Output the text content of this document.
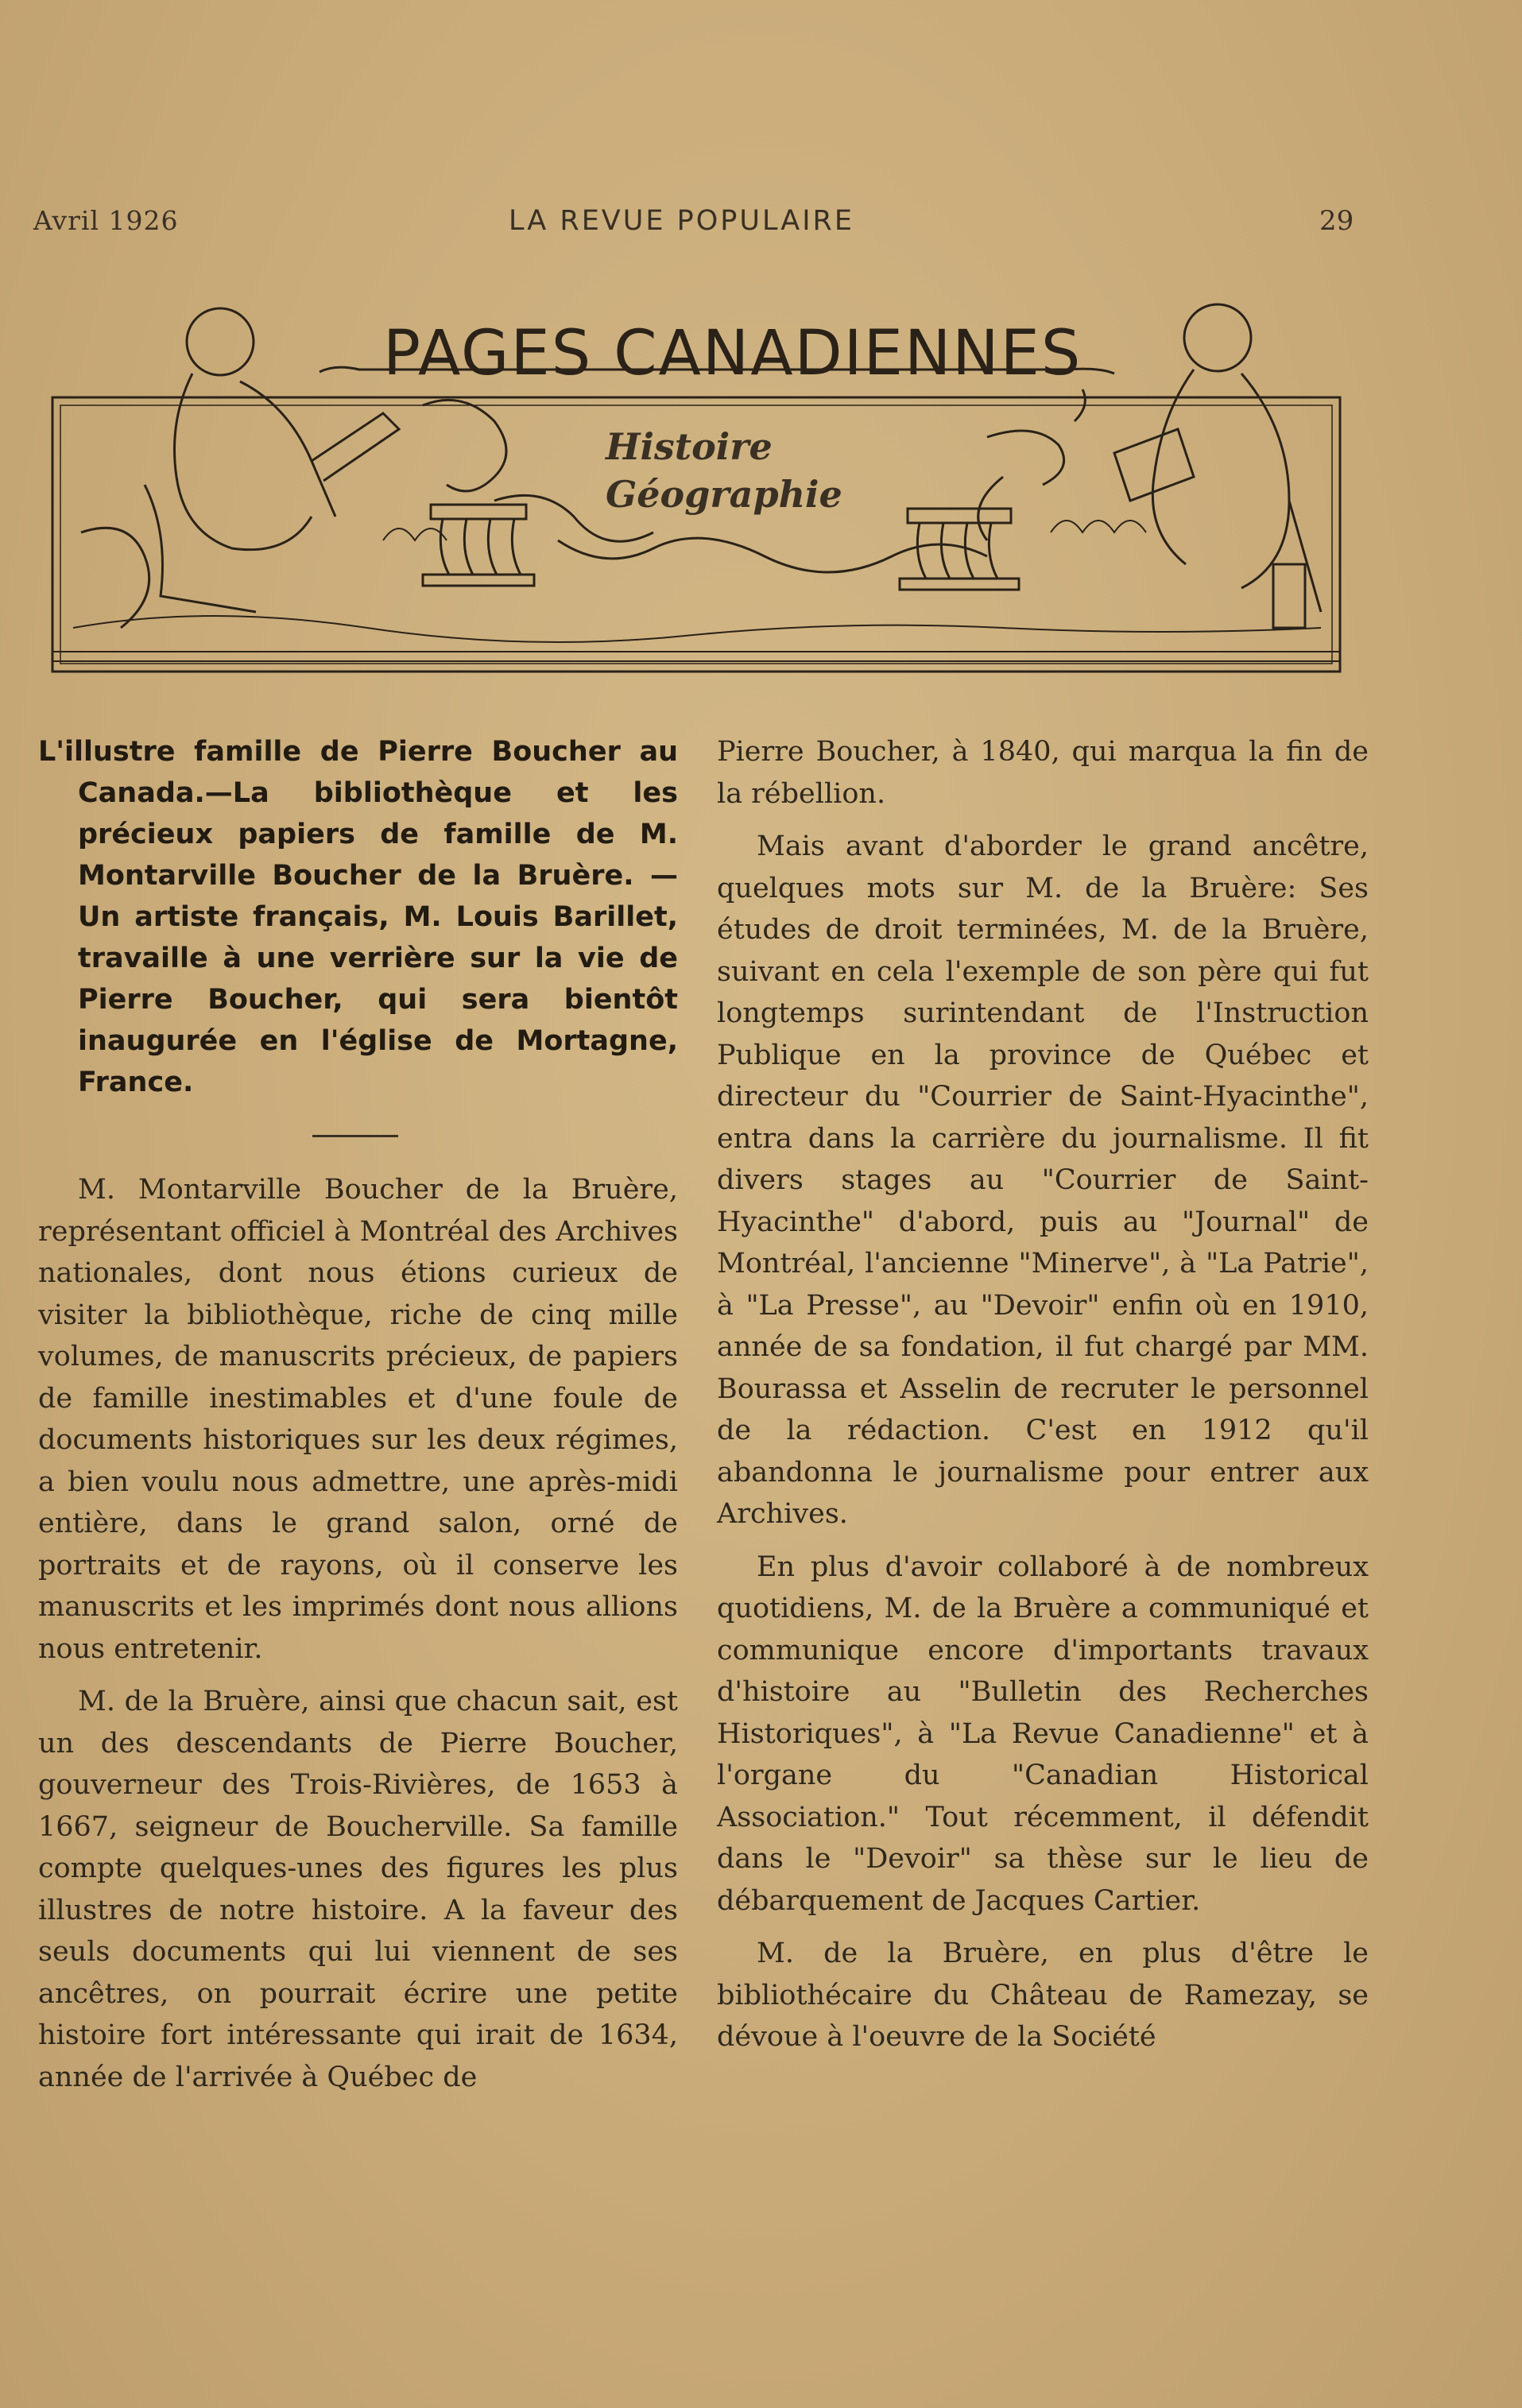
Avril 1926	LA REVUE POPULAIRE	29
PAGES CANADIENNES
Histoire
Géographie

L'illustre famille de Pierre Boucher au Canada.—La bibliothèque et les précieux papiers de famille de M. Montarville Boucher de la Bruère. —Un artiste français, M. Louis Barillet, travaille à une verrière sur la vie de Pierre Boucher, qui sera bientôt inaugurée en l'église de Mortagne, France.

M. Montarville Boucher de la Bruère, représentant officiel à Montréal des Archives nationales, dont nous étions curieux de visiter la bibliothèque, riche de cinq mille volumes, de manuscrits précieux, de papiers de famille inestimables et d'une foule de documents historiques sur les deux régimes, a bien voulu nous admettre, une après-midi entière, dans le grand salon, orné de portraits et de rayons, où il conserve les manuscrits et les imprimés dont nous allions nous entretenir.

M. de la Bruère, ainsi que chacun sait, est un des descendants de Pierre Boucher, gouverneur des Trois-Rivières, de 1653 à 1667, seigneur de Boucherville. Sa famille compte quelques-unes des figures les plus illustres de notre histoire. A la faveur des seuls documents qui lui viennent de ses ancêtres, on pourrait écrire une petite histoire fort intéressante qui irait de 1634, année de l'arrivée à Québec de

Pierre Boucher, à 1840, qui marqua la fin de la rébellion.

Mais avant d'aborder le grand ancêtre, quelques mots sur M. de la Bruère: Ses études de droit terminées, M. de la Bruère, suivant en cela l'exemple de son père qui fut longtemps surintendant de l'Instruction Publique en la province de Québec et directeur du "Courrier de Saint-Hyacinthe", entra dans la carrière du journalisme. Il fit divers stages au "Courrier de Saint-Hyacinthe" d'abord, puis au "Journal" de Montréal, l'ancienne "Minerve", à "La Patrie", à "La Presse", au "Devoir" enfin où en 1910, année de sa fondation, il fut chargé par MM. Bourassa et Asselin de recruter le personnel de la rédaction. C'est en 1912 qu'il abandonna le journalisme pour entrer aux Archives.

En plus d'avoir collaboré à de nombreux quotidiens, M. de la Bruère a communiqué et communique encore d'importants travaux d'histoire au "Bulletin des Recherches Historiques", à "La Revue Canadienne" et à l'organe du "Canadian Historical Association." Tout récemment, il défendit dans le "Devoir" sa thèse sur le lieu de débarquement de Jacques Cartier.

M. de la Bruère, en plus d'être le bibliothécaire du Château de Ramezay, se dévoue à l'oeuvre de la Société
